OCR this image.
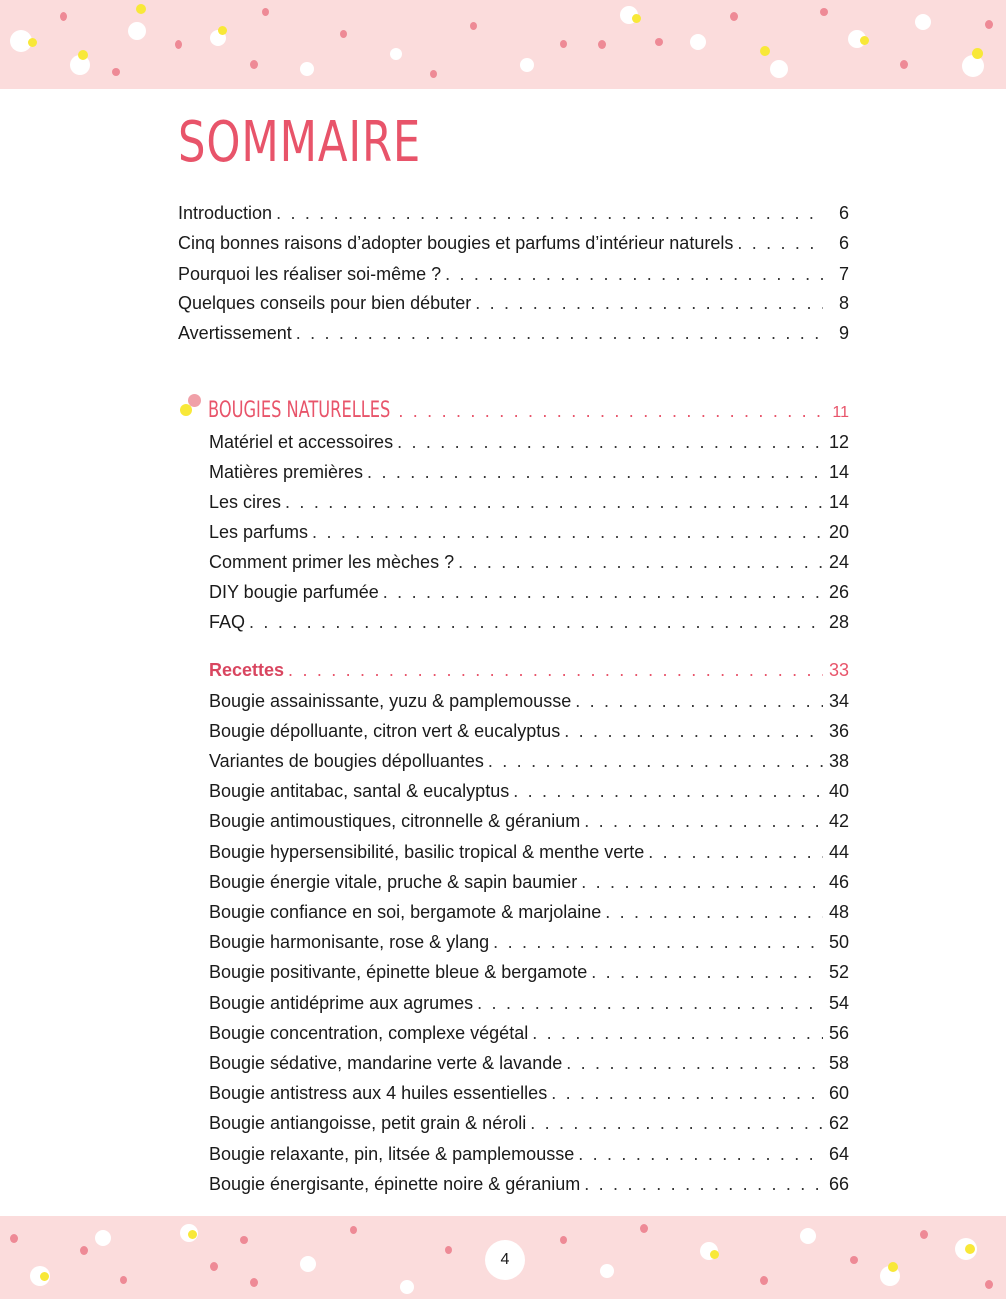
SOMMAIRE
Introduction . . .	6
Cinq bonnes raisons d’adopter bougies et parfums d’intérieur naturels . . .	6
Pourquoi les réaliser soi-même ? . . .	7
Quelques conseils pour bien débuter . . .	8
Avertissement . . .	9
BOUGIES NATURELLES . . .	11
Matériel et accessoires . . .	12
Matières premières . . .	14
Les cires . . .	14
Les parfums . . .	20
Comment primer les mèches ? . . .	24
DIY bougie parfumée . . .	26
FAQ . . .	28
Recettes . . .	33
Bougie assainissante, yuzu & pamplemousse . . .	34
Bougie dépolluante, citron vert & eucalyptus . . .	36
Variantes de bougies dépolluantes . . .	38
Bougie antitabac, santal & eucalyptus . . .	40
Bougie antimoustiques, citronnelle & géranium . . .	42
Bougie hypersensibilité, basilic tropical & menthe verte . . .	44
Bougie énergie vitale, pruche & sapin baumier . . .	46
Bougie confiance en soi, bergamote & marjolaine . . .	48
Bougie harmonisante, rose & ylang . . .	50
Bougie positivante, épinette bleue & bergamote . . .	52
Bougie antidéprime aux agrumes . . .	54
Bougie concentration, complexe végétal . . .	56
Bougie sédative, mandarine verte & lavande . . .	58
Bougie antistress aux 4 huiles essentielles . . .	60
Bougie antiangoisse, petit grain & néroli . . .	62
Bougie relaxante, pin, litsée & pamplemousse . . .	64
Bougie énergisante, épinette noire & géranium . . .	66
4
